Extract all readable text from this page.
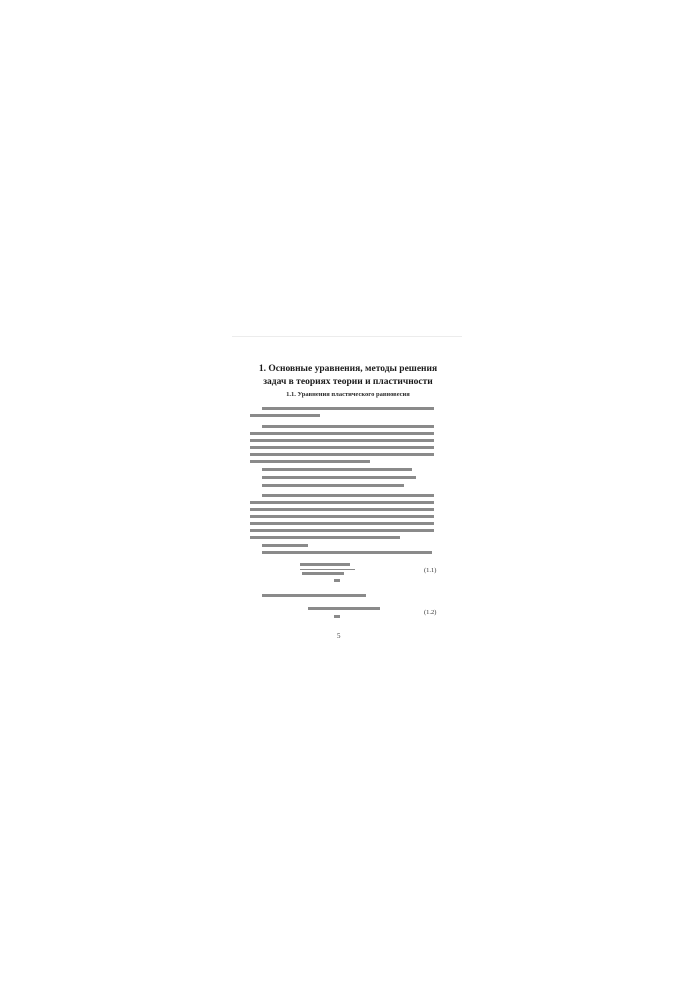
1. Основные уравнения, методы решения задач в теориях теории и пластичности
1.1. Уравнения пластического равновесия
(1.1)
(1.2)
5
